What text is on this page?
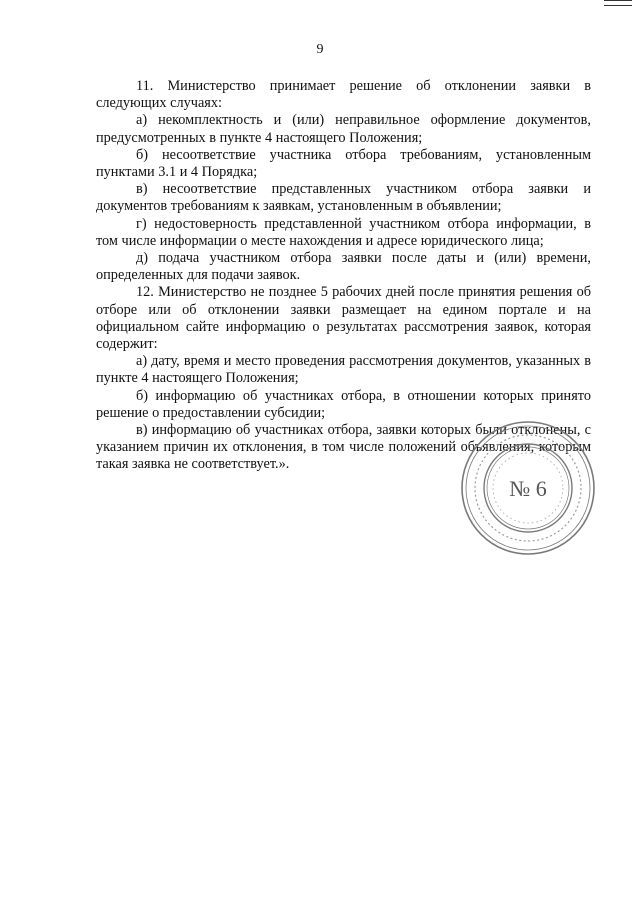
9

11. Министерство принимает решение об отклонении заявки в следующих случаях:

а) некомплектность и (или) неправильное оформление документов, предусмотренных в пункте 4 настоящего Положения;

б) несоответствие участника отбора требованиям, установленным пунктами 3.1 и 4 Порядка;

в) несоответствие представленных участником отбора заявки и документов требованиям к заявкам, установленным в объявлении;

г) недостоверность представленной участником отбора информации, в том числе информации о месте нахождения и адресе юридического лица;

д) подача участником отбора заявки после даты и (или) времени, определенных для подачи заявок.

12. Министерство не позднее 5 рабочих дней после принятия решения об отборе или об отклонении заявки размещает на едином портале и на официальном сайте информацию о результатах рассмотрения заявок, которая содержит:

а) дату, время и место проведения рассмотрения документов, указанных в пункте 4 настоящего Положения;

б) информацию об участниках отбора, в отношении которых принято решение о предоставлении субсидии;

в) информацию об участниках отбора, заявки которых были отклонены, с указанием причин их отклонения, в том числе положений объявления, которым такая заявка не соответствует.».

№ 6
